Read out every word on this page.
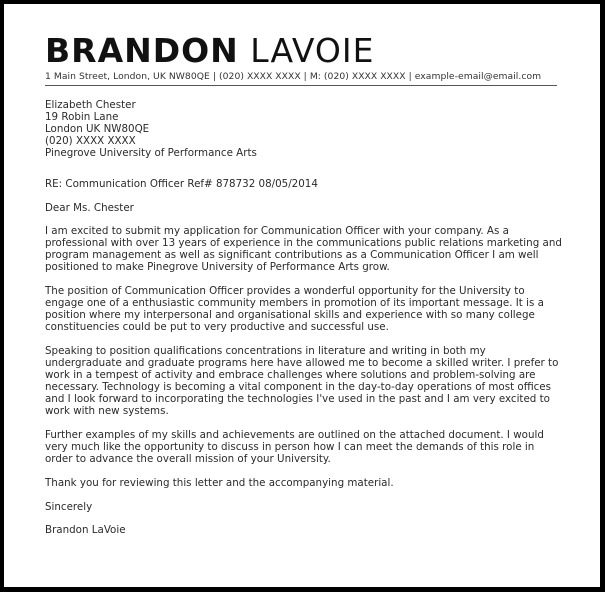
BRANDON LAVOIE
1 Main Street, London, UK NW80QE | (020) XXXX XXXX | M: (020) XXXX XXXX | example-email@email.com
Elizabeth Chester
19 Robin Lane
London UK NW80QE
(020) XXXX XXXX
Pinegrove University of Performance Arts
RE: Communication Officer Ref# 878732 08/05/2014
Dear Ms. Chester

I am excited to submit my application for Communication Officer with your company. As a professional with over 13 years of experience in the communications public relations marketing and program management as well as significant contributions as a Communication Officer I am well positioned to make Pinegrove University of Performance Arts grow.

The position of Communication Officer provides a wonderful opportunity for the University to engage one of a enthusiastic community members in promotion of its important message. It is a position where my interpersonal and organisational skills and experience with so many college constituencies could be put to very productive and successful use.

Speaking to position qualifications concentrations in literature and writing in both my undergraduate and graduate programs here have allowed me to become a skilled writer. I prefer to work in a tempest of activity and embrace challenges where solutions and problem-solving are necessary. Technology is becoming a vital component in the day-to-day operations of most offices and I look forward to incorporating the technologies I've used in the past and I am very excited to work with new systems.

Further examples of my skills and achievements are outlined on the attached document. I would very much like the opportunity to discuss in person how I can meet the demands of this role in order to advance the overall mission of your University.

Thank you for reviewing this letter and the accompanying material.

Sincerely
Brandon LaVoie
